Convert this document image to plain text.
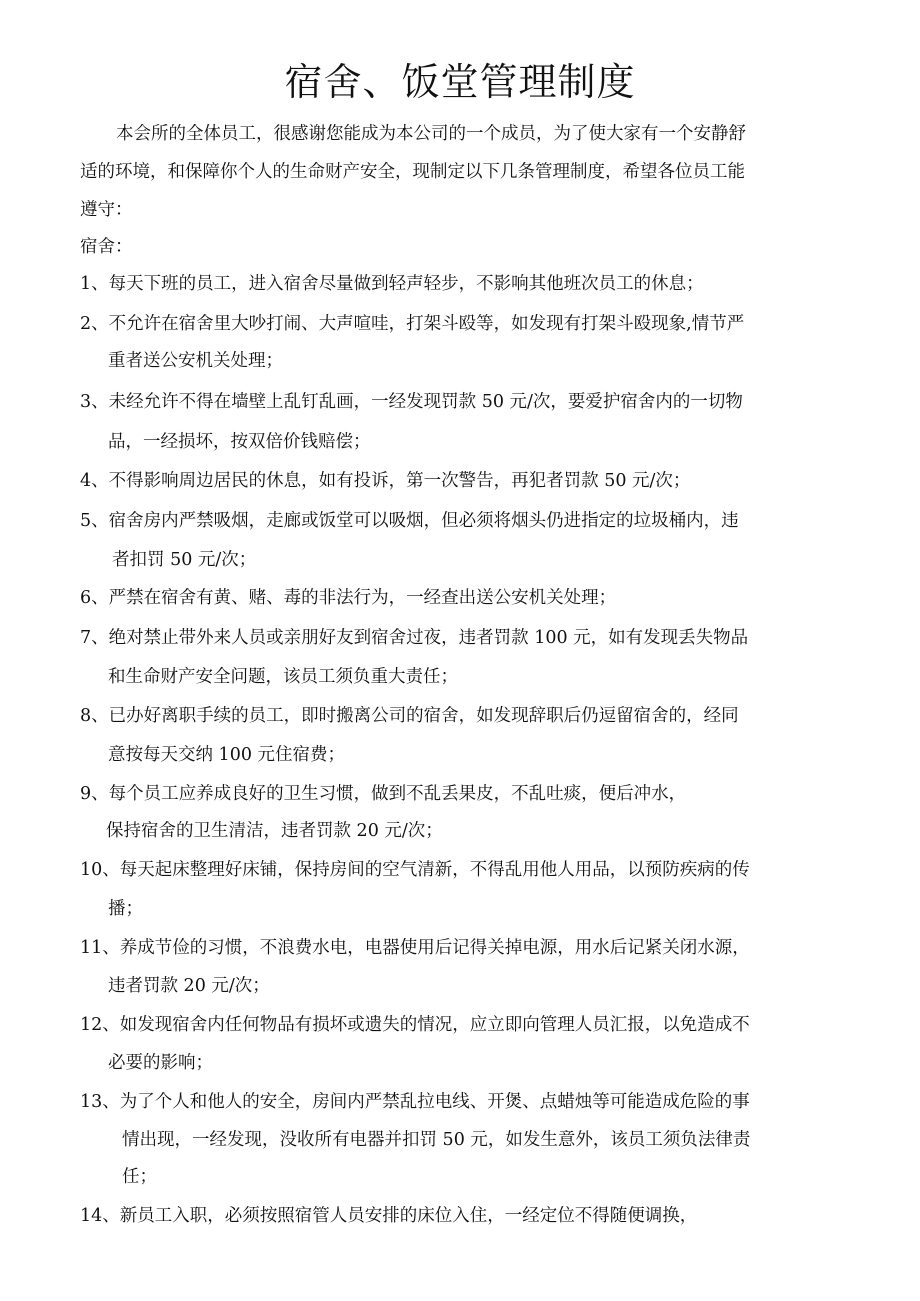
宿舍、饭堂管理制度
本会所的全体员工，很感谢您能成为本公司的一个成员，为了使大家有一个安静舒
适的环境，和保障你个人的生命财产安全，现制定以下几条管理制度，希望各位员工能
遵守：
宿舍：
1、每天下班的员工，进入宿舍尽量做到轻声轻步，不影响其他班次员工的休息；
2、不允许在宿舍里大吵打闹、大声喧哇，打架斗殴等，如发现有打架斗殴现象,情节严
重者送公安机关处理；
3、未经允许不得在墙壁上乱钉乱画，一经发现罚款 50 元/次，要爱护宿舍内的一切物
品，一经损坏，按双倍价钱赔偿；
4、不得影响周边居民的休息，如有投诉，第一次警告，再犯者罚款 50 元/次；
5、宿舍房内严禁吸烟，走廊或饭堂可以吸烟，但必须将烟头仍进指定的垃圾桶内，违
者扣罚 50 元/次；
6、严禁在宿舍有黄、赌、毒的非法行为，一经查出送公安机关处理；
7、绝对禁止带外来人员或亲朋好友到宿舍过夜，违者罚款 100 元，如有发现丢失物品
和生命财产安全问题，该员工须负重大责任；
8、已办好离职手续的员工，即时搬离公司的宿舍，如发现辞职后仍逗留宿舍的，经同
意按每天交纳 100 元住宿费；
9、每个员工应养成良好的卫生习惯，做到不乱丢果皮，不乱吐痰，便后冲水，
保持宿舍的卫生清洁，违者罚款 20 元/次；
10、每天起床整理好床铺，保持房间的空气清新，不得乱用他人用品，以预防疾病的传
播；
11、养成节俭的习惯，不浪费水电，电器使用后记得关掉电源，用水后记紧关闭水源，
违者罚款 20 元/次；
12、如发现宿舍内任何物品有损坏或遗失的情况，应立即向管理人员汇报，以免造成不
必要的影响；
13、为了个人和他人的安全，房间内严禁乱拉电线、开煲、点蜡烛等可能造成危险的事
情出现，一经发现，没收所有电器并扣罚 50 元，如发生意外，该员工须负法律责
任；
14、新员工入职，必须按照宿管人员安排的床位入住，一经定位不得随便调换，
